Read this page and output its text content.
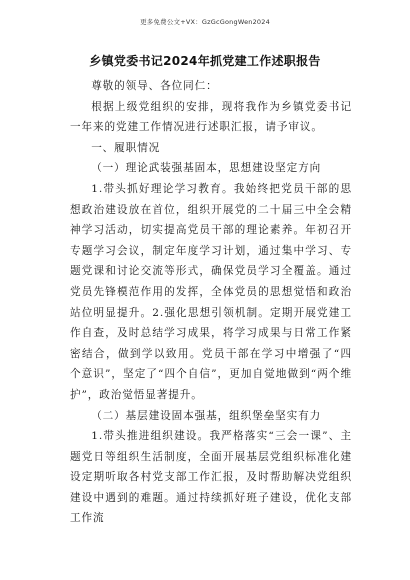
更多免费公文+VX：GzGcGongWen2024
乡镇党委书记2024年抓党建工作述职报告

尊敬的领导、各位同仁：

根据上级党组织的安排，现将我作为乡镇党委书记一年来的党建工作情况进行述职汇报，请予审议。

一、履职情况

（一）理论武装强基固本，思想建设坚定方向

1.带头抓好理论学习教育。我始终把党员干部的思想政治建设放在首位，组织开展党的二十届三中全会精神学习活动，切实提高党员干部的理论素养。年初召开专题学习会议，制定年度学习计划，通过集中学习、专题党课和讨论交流等形式，确保党员学习全覆盖。通过党员先锋模范作用的发挥，全体党员的思想觉悟和政治站位明显提升。2.强化思想引领机制。定期开展党建工作自查，及时总结学习成果，将学习成果与日常工作紧密结合，做到学以致用。党员干部在学习中增强了“四个意识”，坚定了“四个自信”，更加自觉地做到“两个维护”，政治觉悟显著提升。

（二）基层建设固本强基，组织堡垒坚实有力

1.带头推进组织建设。我严格落实“三会一课”、主题党日等组织生活制度，全面开展基层党组织标准化建设定期听取各村党支部工作汇报，及时帮助解决党组织建设中遇到的难题。通过持续抓好班子建设，优化支部工作流
